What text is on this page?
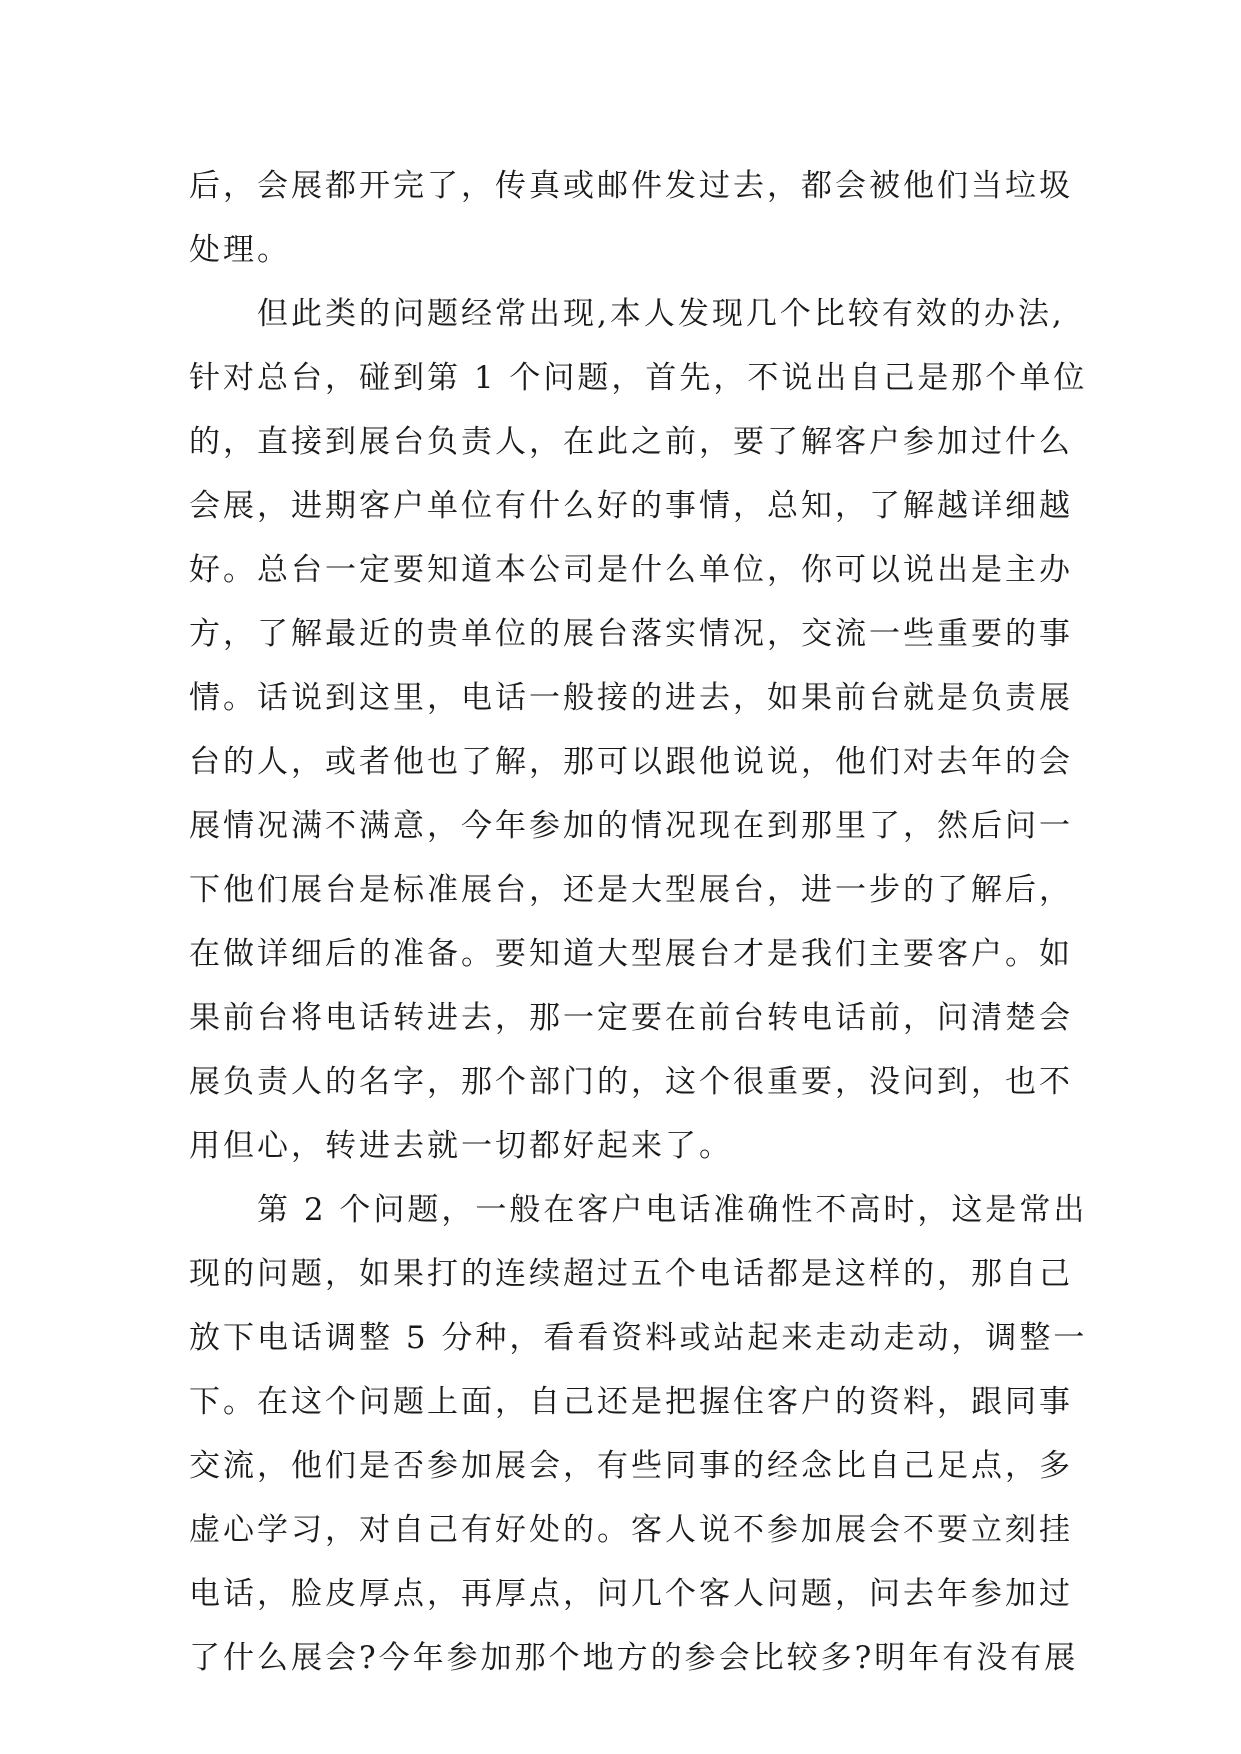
后，会展都开完了，传真或邮件发过去，都会被他们当垃圾
处理。
　　但此类的问题经常出现,本人发现几个比较有效的办法,
针对总台，碰到第 1 个问题，首先，不说出自己是那个单位
的，直接到展台负责人，在此之前，要了解客户参加过什么
会展，进期客户单位有什么好的事情，总知，了解越详细越
好。总台一定要知道本公司是什么单位，你可以说出是主办
方，了解最近的贵单位的展台落实情况，交流一些重要的事
情。话说到这里，电话一般接的进去，如果前台就是负责展
台的人，或者他也了解，那可以跟他说说，他们对去年的会
展情况满不满意，今年参加的情况现在到那里了，然后问一
下他们展台是标准展台，还是大型展台，进一步的了解后，
在做详细后的准备。要知道大型展台才是我们主要客户。如
果前台将电话转进去，那一定要在前台转电话前，问清楚会
展负责人的名字，那个部门的，这个很重要，没问到，也不
用但心，转进去就一切都好起来了。
　　第 2 个问题，一般在客户电话准确性不高时，这是常出
现的问题，如果打的连续超过五个电话都是这样的，那自己
放下电话调整 5 分种，看看资料或站起来走动走动，调整一
下。在这个问题上面，自己还是把握住客户的资料，跟同事
交流，他们是否参加展会，有些同事的经念比自己足点，多
虚心学习，对自己有好处的。客人说不参加展会不要立刻挂
电话，脸皮厚点，再厚点，问几个客人问题，问去年参加过
了什么展会?今年参加那个地方的参会比较多?明年有没有展
